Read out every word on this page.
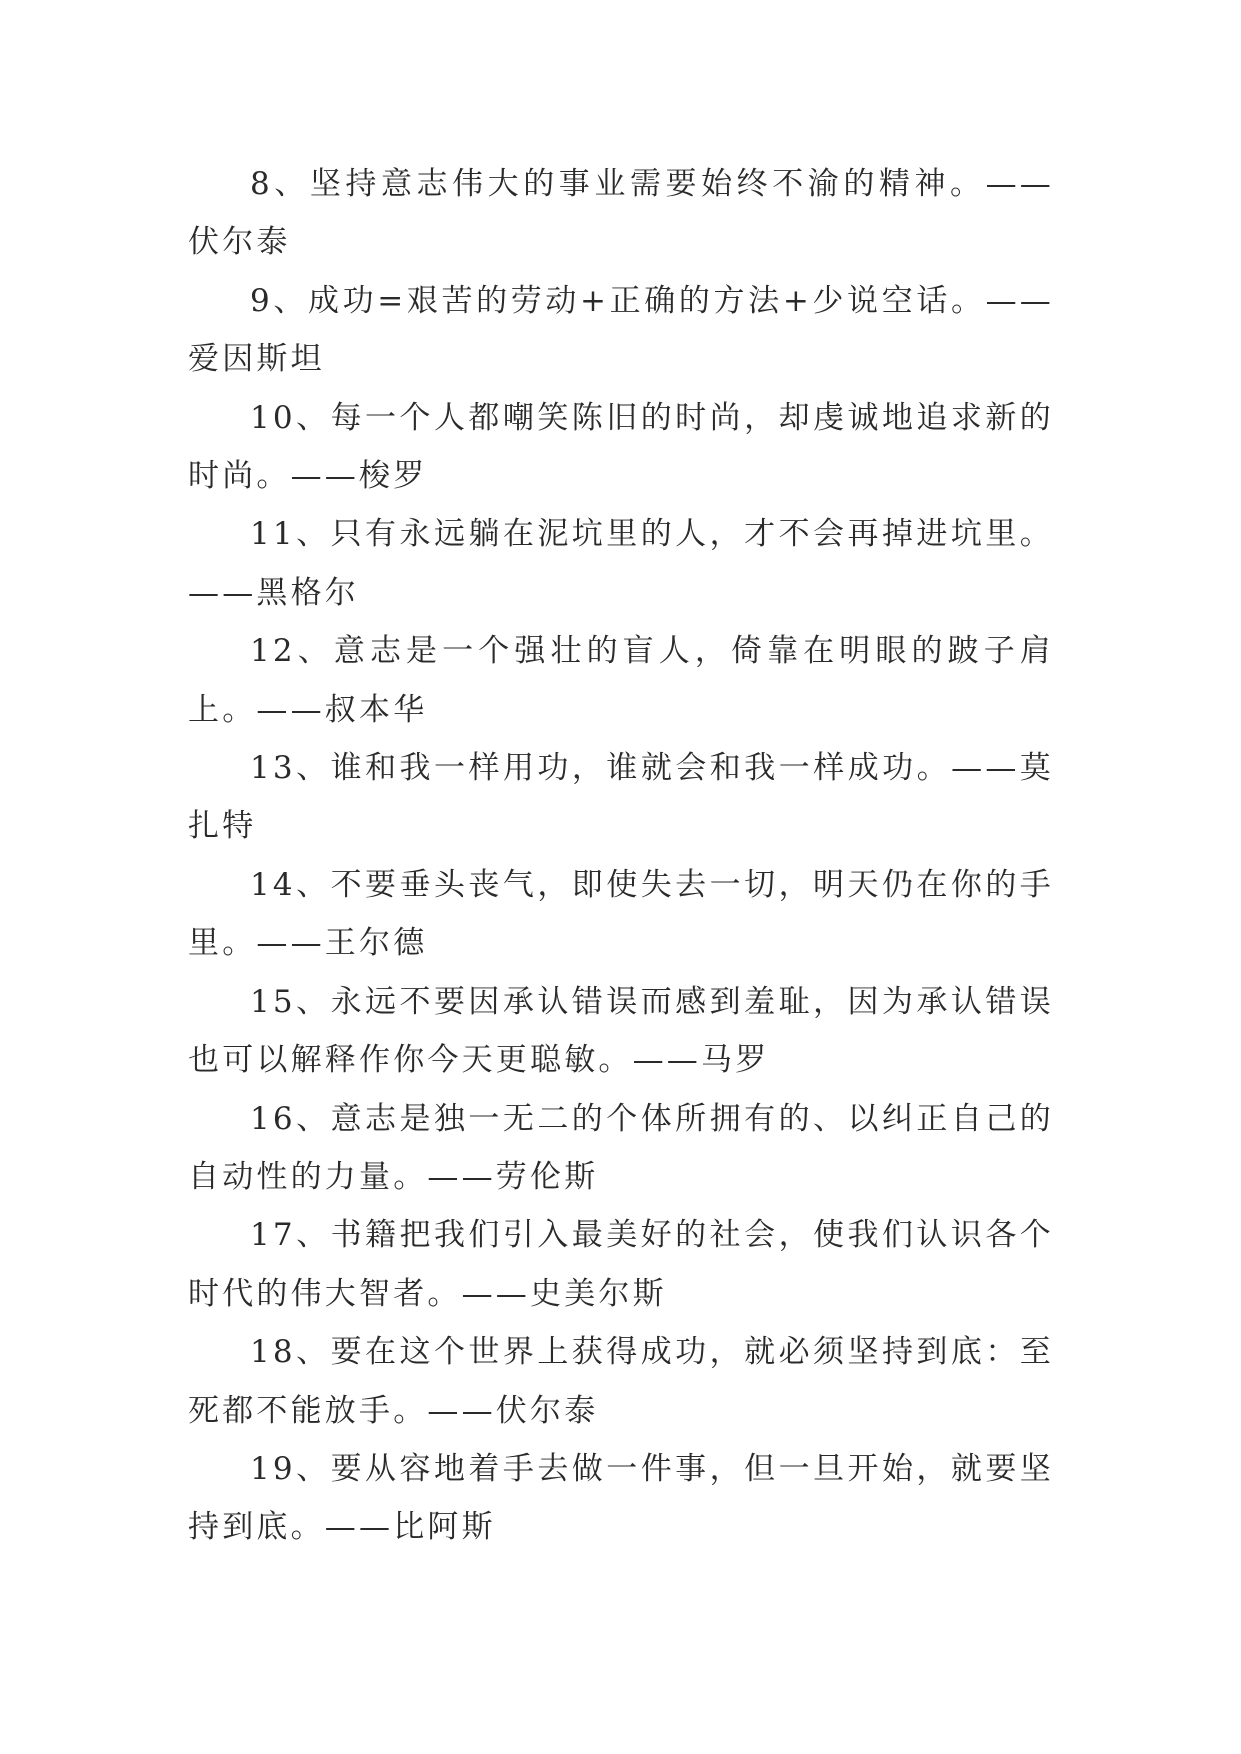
8、坚持意志伟大的事业需要始终不渝的精神。——伏尔泰

9、成功=艰苦的劳动+正确的方法+少说空话。——爱因斯坦

10、每一个人都嘲笑陈旧的时尚，却虔诚地追求新的时尚。——梭罗

11、只有永远躺在泥坑里的人，才不会再掉进坑里。——黑格尔

12、意志是一个强壮的盲人，倚靠在明眼的跛子肩上。——叔本华

13、谁和我一样用功，谁就会和我一样成功。——莫扎特

14、不要垂头丧气，即使失去一切，明天仍在你的手里。——王尔德

15、永远不要因承认错误而感到羞耻，因为承认错误也可以解释作你今天更聪敏。——马罗

16、意志是独一无二的个体所拥有的、以纠正自己的自动性的力量。——劳伦斯

17、书籍把我们引入最美好的社会，使我们认识各个时代的伟大智者。——史美尔斯

18、要在这个世界上获得成功，就必须坚持到底：至死都不能放手。——伏尔泰

19、要从容地着手去做一件事，但一旦开始，就要坚持到底。——比阿斯
